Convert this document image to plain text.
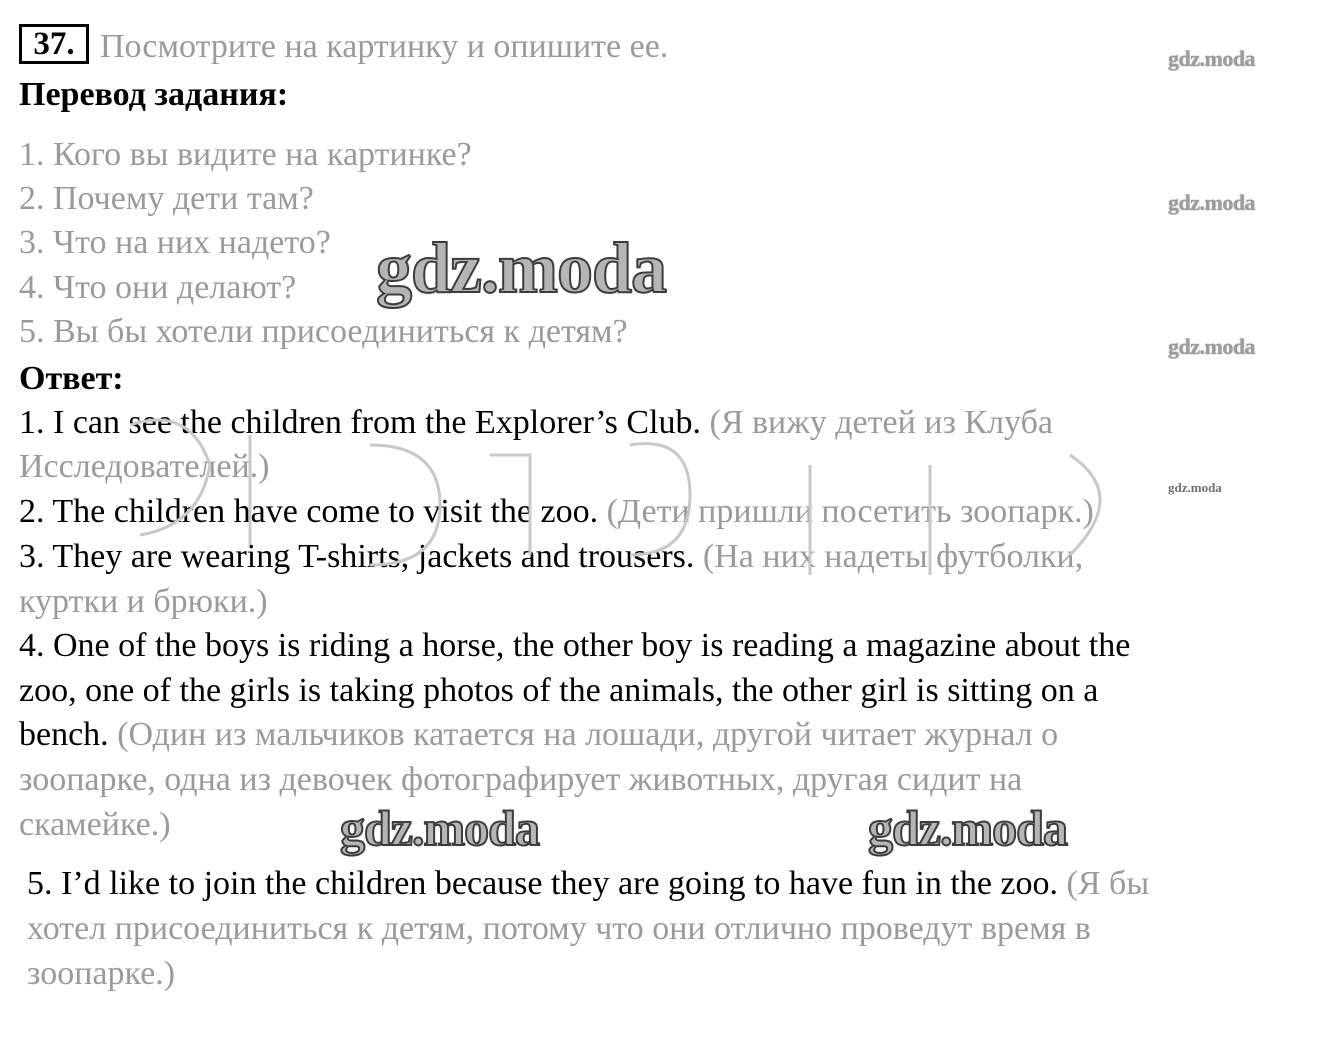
37. Посмотрите на картинку и опишите ее.
Перевод задания:
1. Кого вы видите на картинке?
2. Почему дети там?
3. Что на них надето?
4. Что они делают?
5. Вы бы хотели присоединиться к детям?
Ответ:
1. I can see the children from the Explorer’s Club. (Я вижу детей из Клуба
Исследователей.)
2. The children have come to visit the zoo. (Дети пришли посетить зоопарк.)
3. They are wearing T-shirts, jackets and trousers. (На них надеты футболки,
куртки и брюки.)
4. One of the boys is riding a horse, the other boy is reading a magazine about the
zoo, one of the girls is taking photos of the animals, the other girl is sitting on a
bench. (Один из мальчиков катается на лошади, другой читает журнал о
зоопарке, одна из девочек фотографирует животных, другая сидит на
скамейке.)
5. I’d like to join the children because they are going to have fun in the zoo. (Я бы
хотел присоединиться к детям, потому что они отлично проведут время в
зоопарке.)
gdz.moda
gdz.moda
gdz.moda
gdz.moda
gdz.moda
gdz.moda	gdz.moda
